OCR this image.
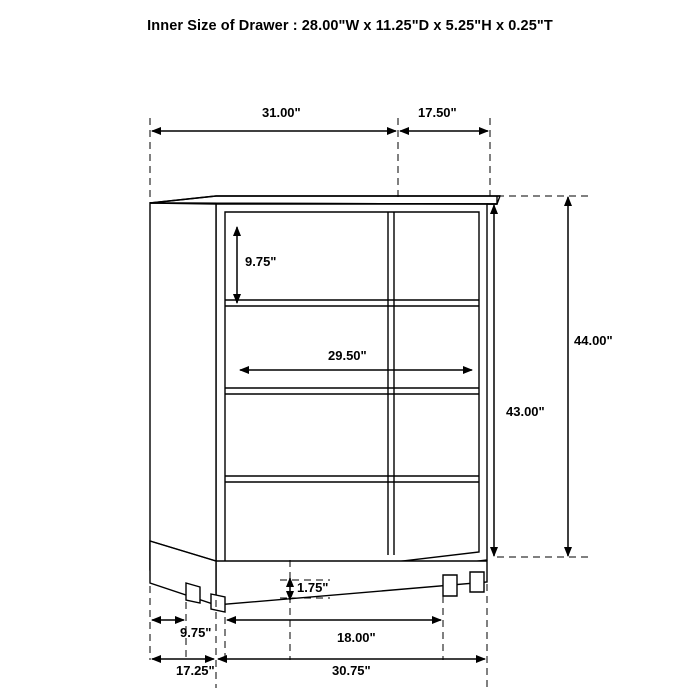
Inner Size of Drawer : 28.00"W x 11.25"D x 5.25"H x 0.25"T
31.00"	17.50"
9.75"
29.50"
44.00"
43.00"
1.75"
9.75"	18.00"
17.25"	30.75"
